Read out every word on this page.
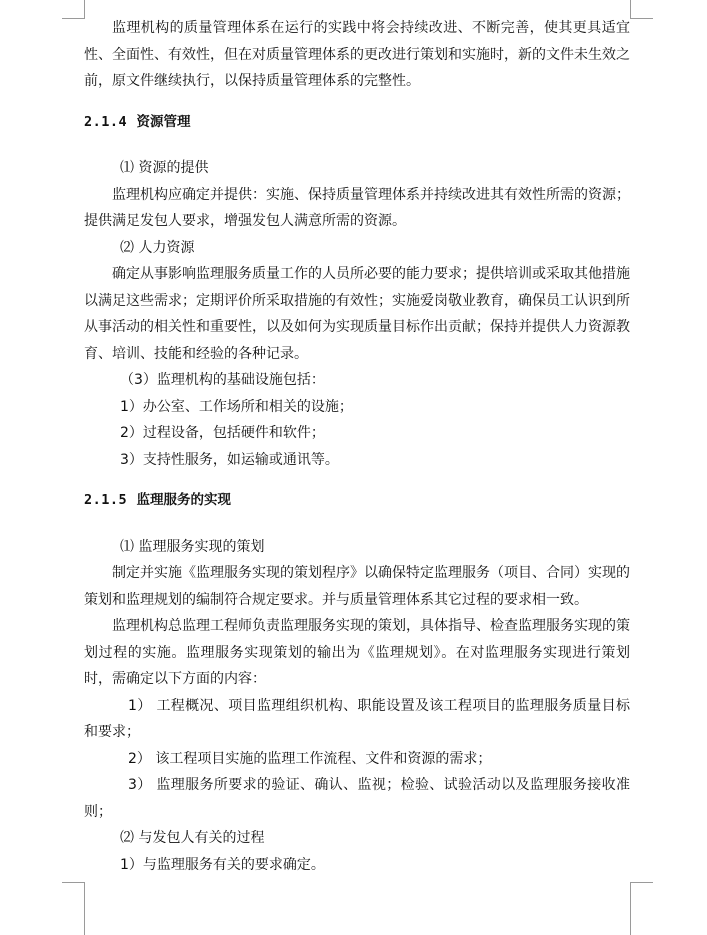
监理机构的质量管理体系在运行的实践中将会持续改进、不断完善，使其更具适宜性、全面性、有效性，但在对质量管理体系的更改进行策划和实施时，新的文件未生效之前，原文件继续执行，以保持质量管理体系的完整性。

2.1.4 资源管理

⑴ 资源的提供

监理机构应确定并提供：实施、保持质量管理体系并持续改进其有效性所需的资源；提供满足发包人要求，增强发包人满意所需的资源。

⑵ 人力资源

确定从事影响监理服务质量工作的人员所必要的能力要求；提供培训或采取其他措施以满足这些需求；定期评价所采取措施的有效性；实施爱岗敬业教育，确保员工认识到所从事活动的相关性和重要性，以及如何为实现质量目标作出贡献；保持并提供人力资源教育、培训、技能和经验的各种记录。

（3）监理机构的基础设施包括：

1）办公室、工作场所和相关的设施；

2）过程设备，包括硬件和软件；

3）支持性服务，如运输或通讯等。

2.1.5 监理服务的实现

⑴ 监理服务实现的策划

制定并实施《监理服务实现的策划程序》以确保特定监理服务（项目、合同）实现的策划和监理规划的编制符合规定要求。并与质量管理体系其它过程的要求相一致。

监理机构总监理工程师负责监理服务实现的策划，具体指导、检查监理服务实现的策划过程的实施。监理服务实现策划的输出为《监理规划》。在对监理服务实现进行策划时，需确定以下方面的内容：

1） 工程概况、项目监理组织机构、职能设置及该工程项目的监理服务质量目标和要求；

2） 该工程项目实施的监理工作流程、文件和资源的需求；

3） 监理服务所要求的验证、确认、监视；检验、试验活动以及监理服务接收准则；

⑵ 与发包人有关的过程

1）与监理服务有关的要求确定。
